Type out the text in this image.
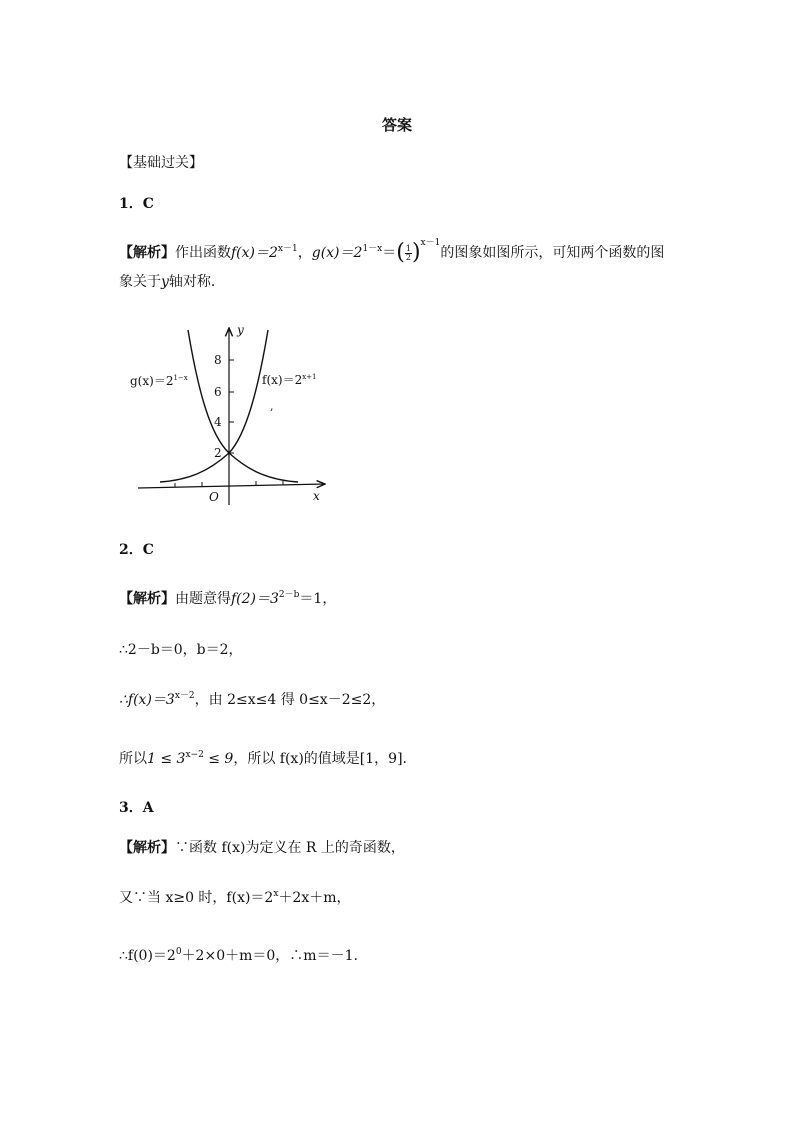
答案
【基础过关】
1．C
【解析】作出函数$f(x)=2^{x-1}$，$g(x)=2^{1-x}=( \frac{1}{2} )^{x-1}$的图象如图所示，可知两个函数的图
象关于y轴对称.
y
x
O
8
6
4
2
$g(x)=2^{1-x}$	$f(x)=2^{x+1}$
,
2．C
【解析】由题意得$f(2)=3^{2-b}=1$，
∴2－b＝0，b＝2，
$\therefore f(x)=3^{x-2}$，由 2≤x≤4 得 0≤x－2≤2，
所以$1 \le 3^{x-2} \le 9$，所以 f(x)的值域是[1，9].
3．A
【解析】∵函数 f(x)为定义在 R 上的奇函数，
又∵当 x≥0 时，$f(x)=2^x+2x+m$，
$\therefore f(0)=2^0+2\times 0+m=0$，∴m＝－1.
